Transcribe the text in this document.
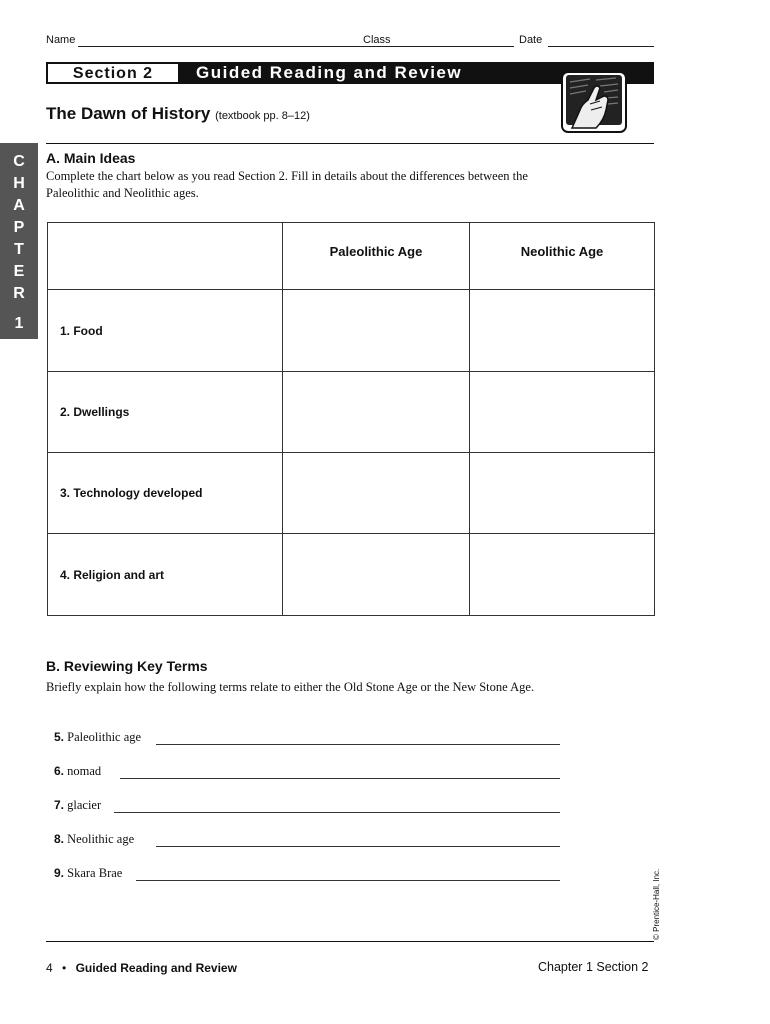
Name	Class	Date
Section 2	Guided Reading and Review
The Dawn of History (textbook pp. 8–12)
C
H
A
P
T
E
R
1
A. Main Ideas
Complete the chart below as you read Section 2. Fill in details about the differences between the Paleolithic and Neolithic ages.
	Paleolithic Age	Neolithic Age
1. Food		
2. Dwellings		
3. Technology developed		
4. Religion and art		
B. Reviewing Key Terms
Briefly explain how the following terms relate to either the Old Stone Age or the New Stone Age.
5. Paleolithic age
6. nomad
7. glacier
8. Neolithic age
9. Skara Brae	© Prentice-Hall, Inc.
4 • Guided Reading and Review	Chapter 1 Section 2
